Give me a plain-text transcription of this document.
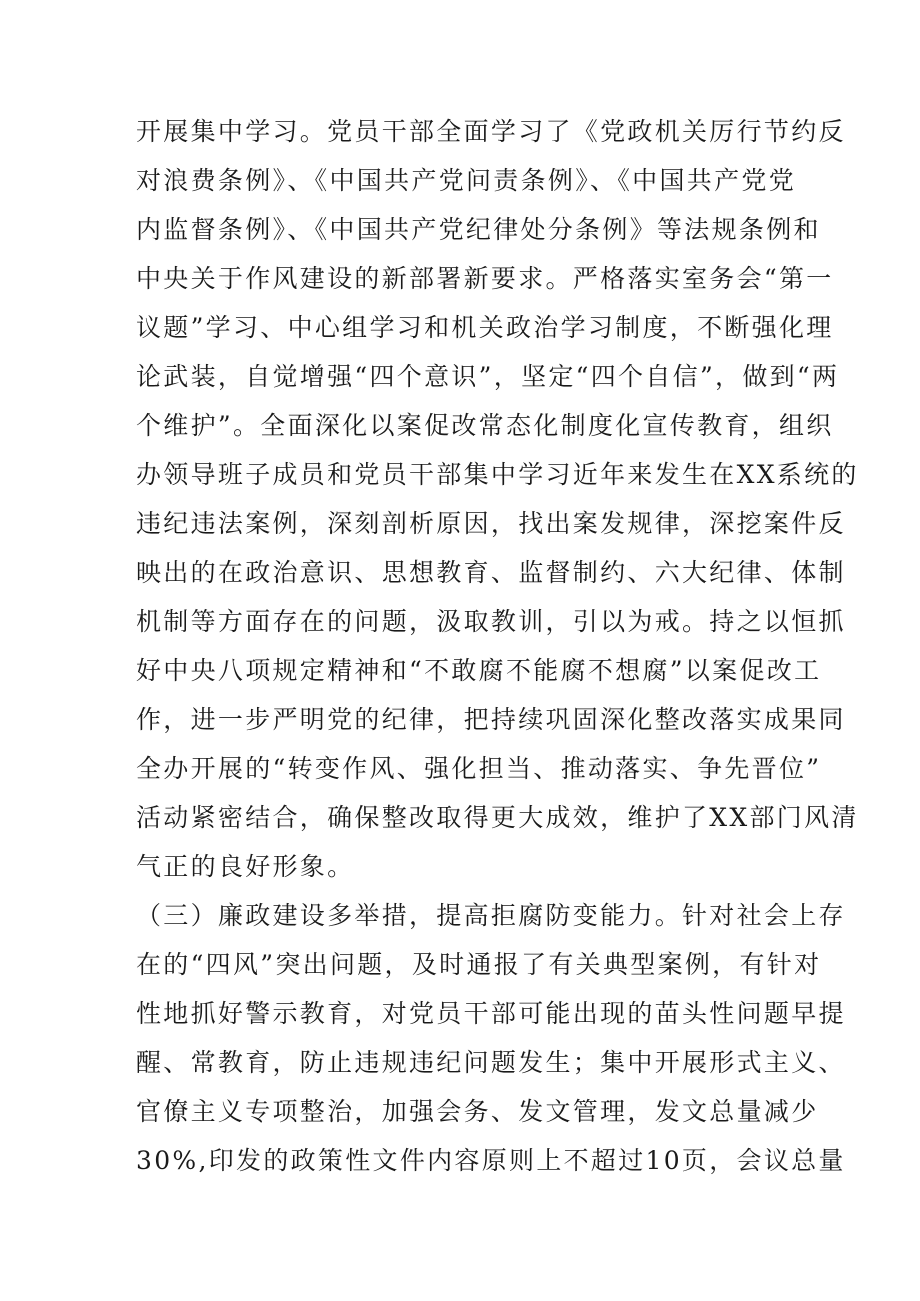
开展集中学习。党员干部全面学习了《党政机关厉行节约反
对浪费条例》、《中国共产党问责条例》、《中国共产党党
内监督条例》、《中国共产党纪律处分条例》等法规条例和
中央关于作风建设的新部署新要求。严格落实室务会“第一
议题”学习、中心组学习和机关政治学习制度，不断强化理
论武装，自觉增强“四个意识”，坚定“四个自信”，做到“两
个维护”。全面深化以案促改常态化制度化宣传教育，组织
办领导班子成员和党员干部集中学习近年来发生在XX系统的
违纪违法案例，深刻剖析原因，找出案发规律，深挖案件反
映出的在政治意识、思想教育、监督制约、六大纪律、体制
机制等方面存在的问题，汲取教训，引以为戒。持之以恒抓
好中央八项规定精神和“不敢腐不能腐不想腐”以案促改工
作，进一步严明党的纪律，把持续巩固深化整改落实成果同
全办开展的“转变作风、强化担当、推动落实、争先晋位”
活动紧密结合，确保整改取得更大成效，维护了XX部门风清
气正的良好形象。
（三）廉政建设多举措，提高拒腐防变能力。针对社会上存
在的“四风”突出问题，及时通报了有关典型案例，有针对
性地抓好警示教育，对党员干部可能出现的苗头性问题早提
醒、常教育，防止违规违纪问题发生；集中开展形式主义、
官僚主义专项整治，加强会务、发文管理，发文总量减少
30%,印发的政策性文件内容原则上不超过10页，会议总量
